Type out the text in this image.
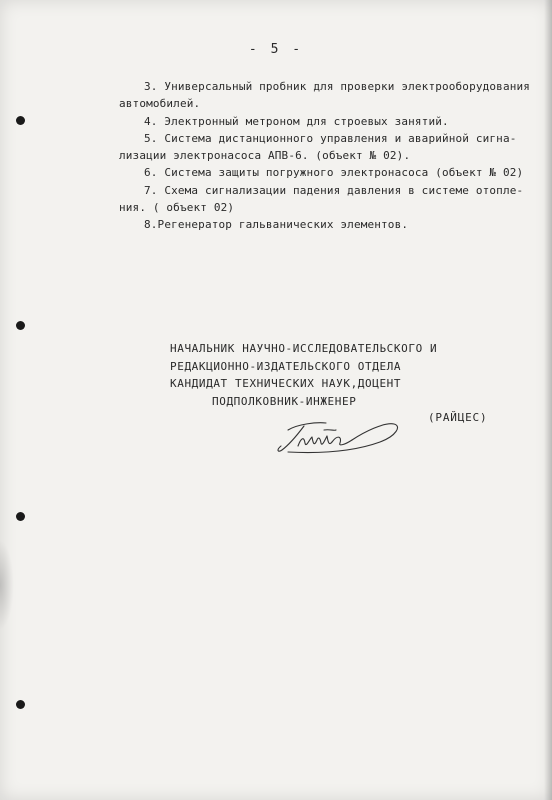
- 5 -
3. Универсальный пробник для проверки электрооборудования
автомобилей.
4. Электронный метроном для строевых занятий.
5. Система дистанционного управления и аварийной сигна-
лизации электронасоса АПВ-6. (объект № 02).
6. Система защиты погружного электронасоса (объект № 02)
7. Схема сигнализации падения давления в системе отопле-
ния. ( объект 02)
8.Регенератор гальванических элементов.
НАЧАЛЬНИК НАУЧНО-ИССЛЕДОВАТЕЛЬСКОГО И
РЕДАКЦИОННО-ИЗДАТЕЛЬСКОГО ОТДЕЛА
КАНДИДАТ ТЕХНИЧЕСКИХ НАУК,ДОЦЕНТ
ПОДПОЛКОВНИК-ИНЖЕНЕР
(РАЙЦЕС)
